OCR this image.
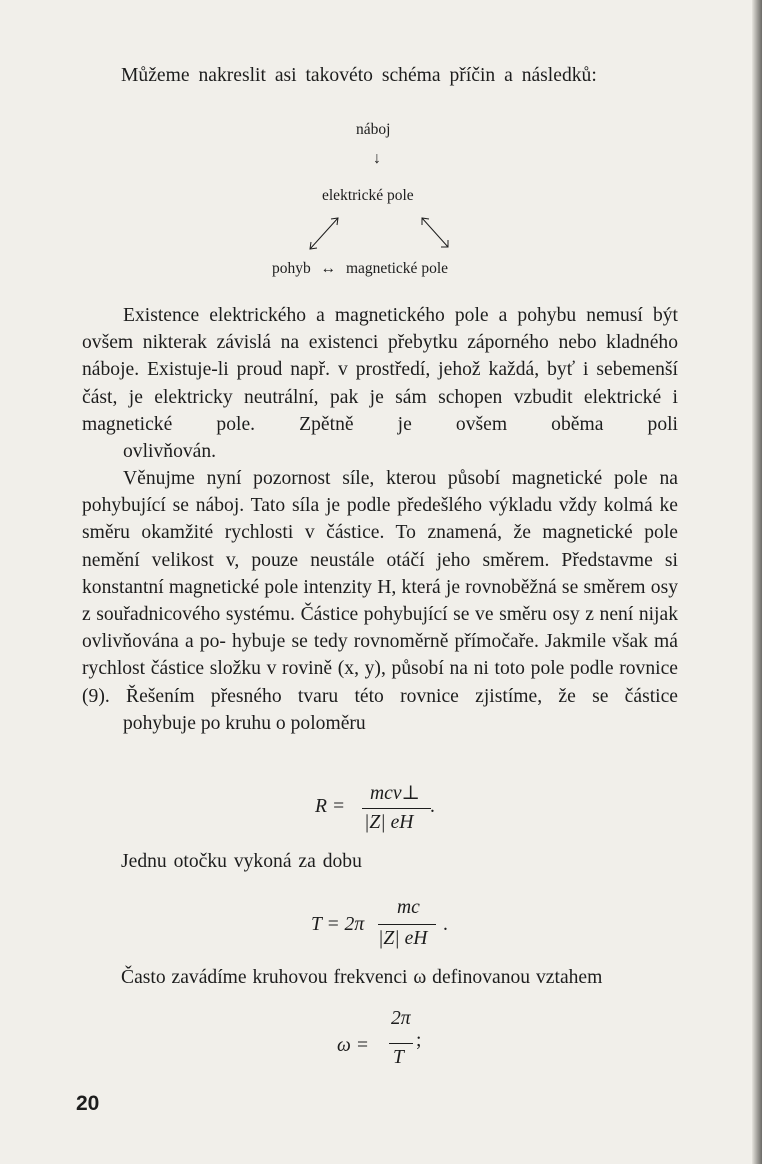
Můžeme nakreslit asi takovéto schéma příčin a následků:
náboj
↓
elektrické pole
pohyb ↔ magnetické pole
Existence elektrického a magnetického pole a pohybu nemusí být ovšem nikterak závislá na existenci přebytku záporného nebo kladného náboje. Existuje-li proud např. v prostředí, jehož každá, byť i sebemenší část, je elektricky neutrální, pak je sám schopen vzbudit elektrické i magnetické pole. Zpětně je ovšem oběma poli
ovlivňován.
Věnujme nyní pozornost síle, kterou působí magnetické pole na pohybující se náboj. Tato síla je podle předešlého výkladu vždy kolmá ke směru okamžité rychlosti v částice. To znamená, že magnetické pole nemění velikost v, pouze neustále otáčí jeho směrem. Představme si konstantní magnetické pole intenzity H, která je rovnoběžná se směrem osy z souřadnicového systému. Částice pohybující se ve směru osy z není nijak ovlivňována a po- hybuje se tedy rovnoměrně přímočaře. Jakmile však má rychlost částice složku v rovině (x, y), působí na ni toto pole podle rovnice (9). Řešením přesného tvaru této rovnice zjistíme, že se částice
pohybuje po kruhu o poloměru
R =
mcv⊥
|Z| eH
.
Jednu otočku vykoná za dobu
T = 2π
mc
|Z| eH
.
Často zavádíme kruhovou frekvenci ω definovanou vztahem
ω =
2π
T
;
20
